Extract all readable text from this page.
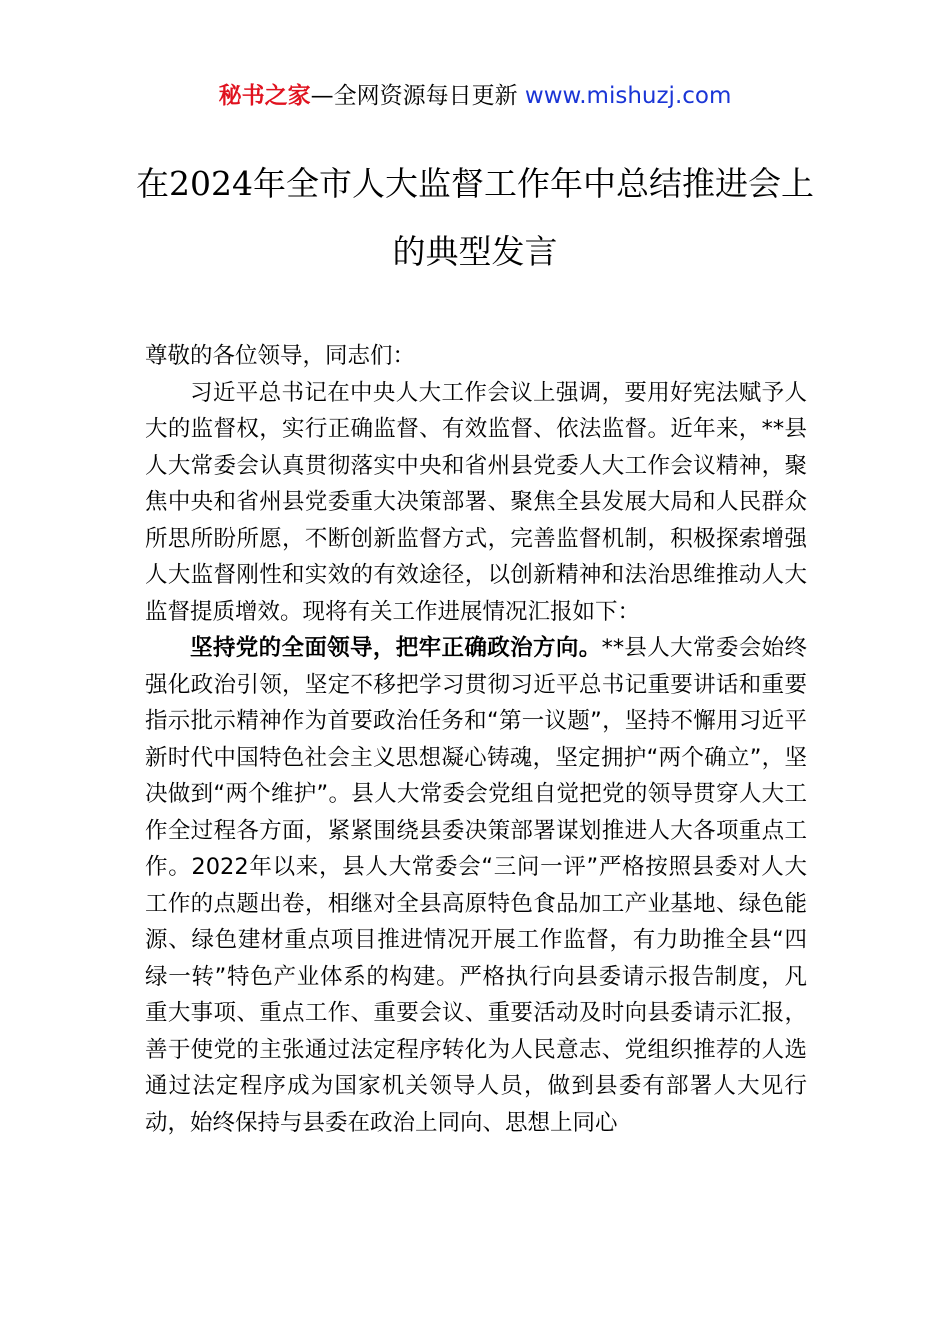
秘书之家—全网资源每日更新 www.mishuzj.com
在2024年全市人大监督工作年中总结推进会上的典型发言

尊敬的各位领导，同志们：

习近平总书记在中央人大工作会议上强调，要用好宪法赋予人大的监督权，实行正确监督、有效监督、依法监督。近年来，**县人大常委会认真贯彻落实中央和省州县党委人大工作会议精神，聚焦中央和省州县党委重大决策部署、聚焦全县发展大局和人民群众所思所盼所愿，不断创新监督方式，完善监督机制，积极探索增强人大监督刚性和实效的有效途径，以创新精神和法治思维推动人大监督提质增效。现将有关工作进展情况汇报如下：

坚持党的全面领导，把牢正确政治方向。**县人大常委会始终强化政治引领，坚定不移把学习贯彻习近平总书记重要讲话和重要指示批示精神作为首要政治任务和“第一议题”，坚持不懈用习近平新时代中国特色社会主义思想凝心铸魂，坚定拥护“两个确立”，坚决做到“两个维护”。县人大常委会党组自觉把党的领导贯穿人大工作全过程各方面，紧紧围绕县委决策部署谋划推进人大各项重点工作。2022年以来，县人大常委会“三问一评”严格按照县委对人大工作的点题出卷，相继对全县高原特色食品加工产业基地、绿色能源、绿色建材重点项目推进情况开展工作监督，有力助推全县“四绿一转”特色产业体系的构建。严格执行向县委请示报告制度，凡重大事项、重点工作、重要会议、重要活动及时向县委请示汇报，善于使党的主张通过法定程序转化为人民意志、党组织推荐的人选通过法定程序成为国家机关领导人员，做到县委有部署人大见行动，始终保持与县委在政治上同向、思想上同心
